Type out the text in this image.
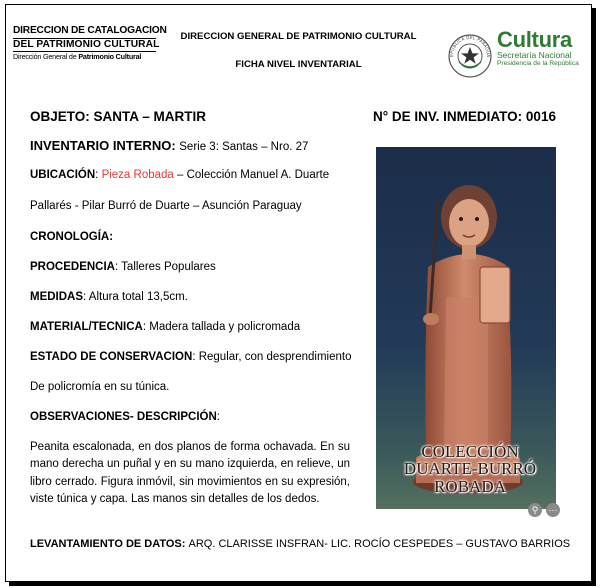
DIRECCION DE CATALOGACION
DEL PATRIMONIO CULTURAL
Dirección General de Patrimonio Cultural
DIRECCION GENERAL DE PATRIMONIO CULTURAL
FICHA NIVEL INVENTARIAL
EPÚBLICA DEL PARAGUA
Cultura
Secretaría Nacional
Presidencia de la República
OBJETO: SANTA – MARTIR	N° DE INV. INMEDIATO: 0016
INVENTARIO INTERNO: Serie 3: Santas – Nro. 27
UBICACIÓN: Pieza Robada – Colección Manuel A. Duarte
Pallarés - Pilar Burró de Duarte – Asunción Paraguay
CRONOLOGÍA:
PROCEDENCIA: Talleres Populares
MEDIDAS: Altura total 13,5cm.
MATERIAL/TECNICA: Madera tallada y policromada
ESTADO DE CONSERVACION: Regular, con desprendimiento
De policromía en su túnica.
OBSERVACIONES- DESCRIPCIÓN:
Peanita escalonada, en dos planos de forma ochavada. En su mano derecha un puñal y en su mano izquierda, en relieve, un libro cerrado. Figura inmóvil, sin movimientos en su expresión, viste túnica y capa. Las manos sin detalles de los dedos.
COLECCIÓN
DUARTE-BURRÓ
ROBADA
⚲	⋯
LEVANTAMIENTO DE DATOS: ARQ. CLARISSE INSFRAN- LIC. ROCÍO CESPEDES – GUSTAVO BARRIOS
